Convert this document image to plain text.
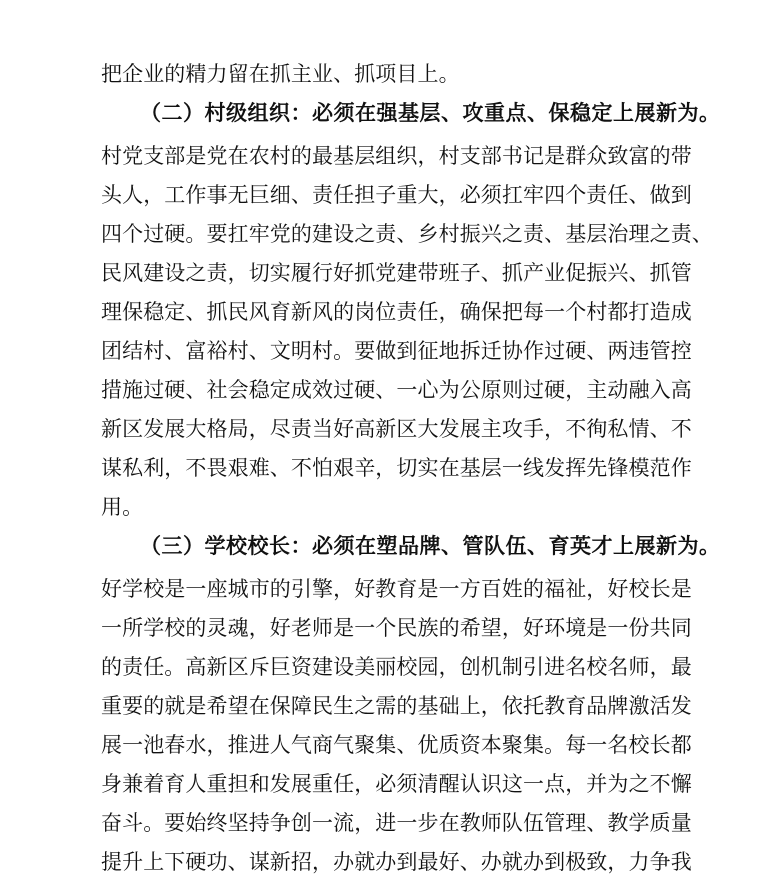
把企业的精力留在抓主业、抓项目上。
（二）村级组织：必须在强基层、攻重点、保稳定上展新为。
村党支部是党在农村的最基层组织，村支部书记是群众致富的带
头人，工作事无巨细、责任担子重大，必须扛牢四个责任、做到
四个过硬。要扛牢党的建设之责、乡村振兴之责、基层治理之责、
民风建设之责，切实履行好抓党建带班子、抓产业促振兴、抓管
理保稳定、抓民风育新风的岗位责任，确保把每一个村都打造成
团结村、富裕村、文明村。要做到征地拆迁协作过硬、两违管控
措施过硬、社会稳定成效过硬、一心为公原则过硬，主动融入高
新区发展大格局，尽责当好高新区大发展主攻手，不徇私情、不
谋私利，不畏艰难、不怕艰辛，切实在基层一线发挥先锋模范作
用。
（三）学校校长：必须在塑品牌、管队伍、育英才上展新为。
好学校是一座城市的引擎，好教育是一方百姓的福祉，好校长是
一所学校的灵魂，好老师是一个民族的希望，好环境是一份共同
的责任。高新区斥巨资建设美丽校园，创机制引进名校名师，最
重要的就是希望在保障民生之需的基础上，依托教育品牌激活发
展一池春水，推进人气商气聚集、优质资本聚集。每一名校长都
身兼着育人重担和发展重任，必须清醒认识这一点，并为之不懈
奋斗。要始终坚持争创一流，进一步在教师队伍管理、教学质量
提升上下硬功、谋新招，办就办到最好、办就办到极致，力争我
